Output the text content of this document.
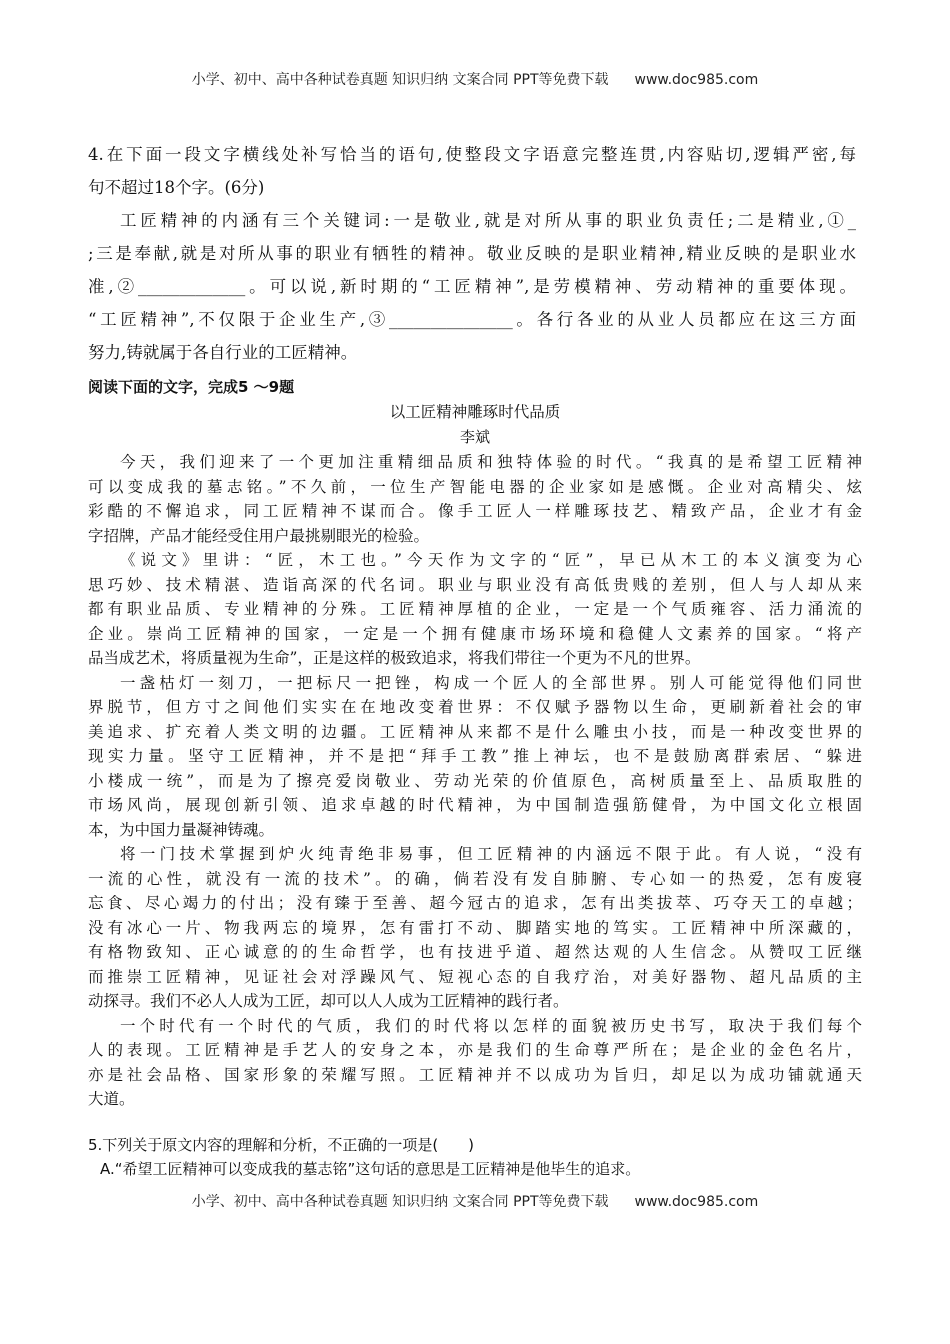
小学、初中、高中各种试卷真题 知识归纳 文案合同 PPT等免费下载 www.doc985.com
4.在下面一段文字横线处补写恰当的语句,使整段文字语意完整连贯,内容贴切,逻辑严密,每
句不超过18个字。(6分)
工匠精神的内涵有三个关键词:一是敬业,就是对所从事的职业负责任;二是精业,①_
;三是奉献,就是对所从事的职业有牺牲的精神。敬业反映的是职业精神,精业反映的是职业水
准,②_____________。可以说,新时期的“工匠精神”,是劳模精神、劳动精神的重要体现。
“工匠精神”,不仅限于企业生产,③_______________。各行各业的从业人员都应在这三方面
努力,铸就属于各自行业的工匠精神。
阅读下面的文字，完成5 ～9题
以工匠精神雕琢时代品质
李斌
今天，我们迎来了一个更加注重精细品质和独特体验的时代。“我真的是希望工匠精神
可以变成我的墓志铭。”不久前，一位生产智能电器的企业家如是感慨。企业对高精尖、炫
彩酷的不懈追求，同工匠精神不谋而合。像手工匠人一样雕琢技艺、精致产品，企业才有金
字招牌，产品才能经受住用户最挑剔眼光的检验。
《说文》里讲：“匠，木工也。”今天作为文字的“匠”，早已从木工的本义演变为心
思巧妙、技术精湛、造诣高深的代名词。职业与职业没有高低贵贱的差别，但人与人却从来
都有职业品质、专业精神的分殊。工匠精神厚植的企业，一定是一个气质雍容、活力涌流的
企业。崇尚工匠精神的国家，一定是一个拥有健康市场环境和稳健人文素养的国家。“将产
品当成艺术，将质量视为生命”，正是这样的极致追求，将我们带往一个更为不凡的世界。
一盏枯灯一刻刀，一把标尺一把锉，构成一个匠人的全部世界。别人可能觉得他们同世
界脱节，但方寸之间他们实实在在地改变着世界：不仅赋予器物以生命，更刷新着社会的审
美追求、扩充着人类文明的边疆。工匠精神从来都不是什么雕虫小技，而是一种改变世界的
现实力量。坚守工匠精神，并不是把“拜手工教”推上神坛，也不是鼓励离群索居、“躲进
小楼成一统”，而是为了擦亮爱岗敬业、劳动光荣的价值原色，高树质量至上、品质取胜的
市场风尚，展现创新引领、追求卓越的时代精神，为中国制造强筋健骨，为中国文化立根固
本，为中国力量凝神铸魂。
将一门技术掌握到炉火纯青绝非易事，但工匠精神的内涵远不限于此。有人说，“没有
一流的心性，就没有一流的技术”。的确，倘若没有发自肺腑、专心如一的热爱，怎有废寝
忘食、尽心竭力的付出；没有臻于至善、超今冠古的追求，怎有出类拔萃、巧夺天工的卓越；
没有冰心一片、物我两忘的境界，怎有雷打不动、脚踏实地的笃实。工匠精神中所深藏的，
有格物致知、正心诚意的的生命哲学，也有技进乎道、超然达观的人生信念。从赞叹工匠继
而推崇工匠精神，见证社会对浮躁风气、短视心态的自我疗治，对美好器物、超凡品质的主
动探寻。我们不必人人成为工匠，却可以人人成为工匠精神的践行者。
一个时代有一个时代的气质，我们的时代将以怎样的面貌被历史书写，取决于我们每个
人的表现。工匠精神是手艺人的安身之本，亦是我们的生命尊严所在；是企业的金色名片，
亦是社会品格、国家形象的荣耀写照。工匠精神并不以成功为旨归，却足以为成功铺就通天
大道。
5.下列关于原文内容的理解和分析，不正确的一项是(　　)
A.“希望工匠精神可以变成我的墓志铭”这句话的意思是工匠精神是他毕生的追求。
小学、初中、高中各种试卷真题 知识归纳 文案合同 PPT等免费下载 www.doc985.com
